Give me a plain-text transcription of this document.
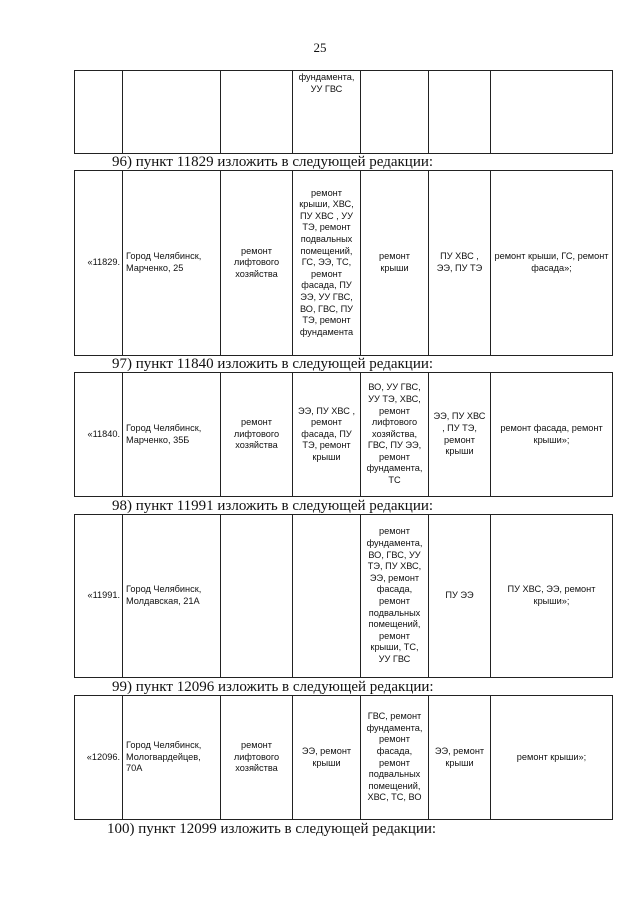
25
			фундамента,
УУ ГВС			
96) пункт 11829 изложить в следующей редакции:
«11829.	Город Челябинск, Марченко, 25	ремонт лифтового хозяйства	ремонт крыши, ХВС, ПУ ХВС , УУ ТЭ, ремонт подвальных помещений, ГС, ЭЭ, ТС, ремонт фасада, ПУ ЭЭ, УУ ГВС, ВО, ГВС, ПУ ТЭ, ремонт фундамента	ремонт крыши	ПУ ХВС , ЭЭ, ПУ ТЭ	ремонт крыши, ГС, ремонт фасада»;
97) пункт 11840 изложить в следующей редакции:
«11840.	Город Челябинск, Марченко, 35Б	ремонт лифтового хозяйства	ЭЭ, ПУ ХВС , ремонт фасада, ПУ ТЭ, ремонт крыши	ВО, УУ ГВС, УУ ТЭ, ХВС, ремонт лифтового хозяйства, ГВС, ПУ ЭЭ, ремонт фундамента, ТС	ЭЭ, ПУ ХВС , ПУ ТЭ, ремонт крыши	ремонт фасада, ремонт крыши»;
98) пункт 11991 изложить в следующей редакции:
«11991.	Город Челябинск, Молдавская, 21А			ремонт фундамента, ВО, ГВС, УУ ТЭ, ПУ ХВС, ЭЭ, ремонт фасада, ремонт подвальных помещений, ремонт крыши, ТС, УУ ГВС	ПУ ЭЭ	ПУ ХВС, ЭЭ, ремонт крыши»;
99) пункт 12096 изложить в следующей редакции:
«12096.	Город Челябинск, Мологвардейцев, 70А	ремонт лифтового хозяйства	ЭЭ, ремонт крыши	ГВС, ремонт фундамента, ремонт фасада, ремонт подвальных помещений, ХВС, ТС, ВО	ЭЭ, ремонт крыши	ремонт крыши»;
100) пункт 12099 изложить в следующей редакции:
